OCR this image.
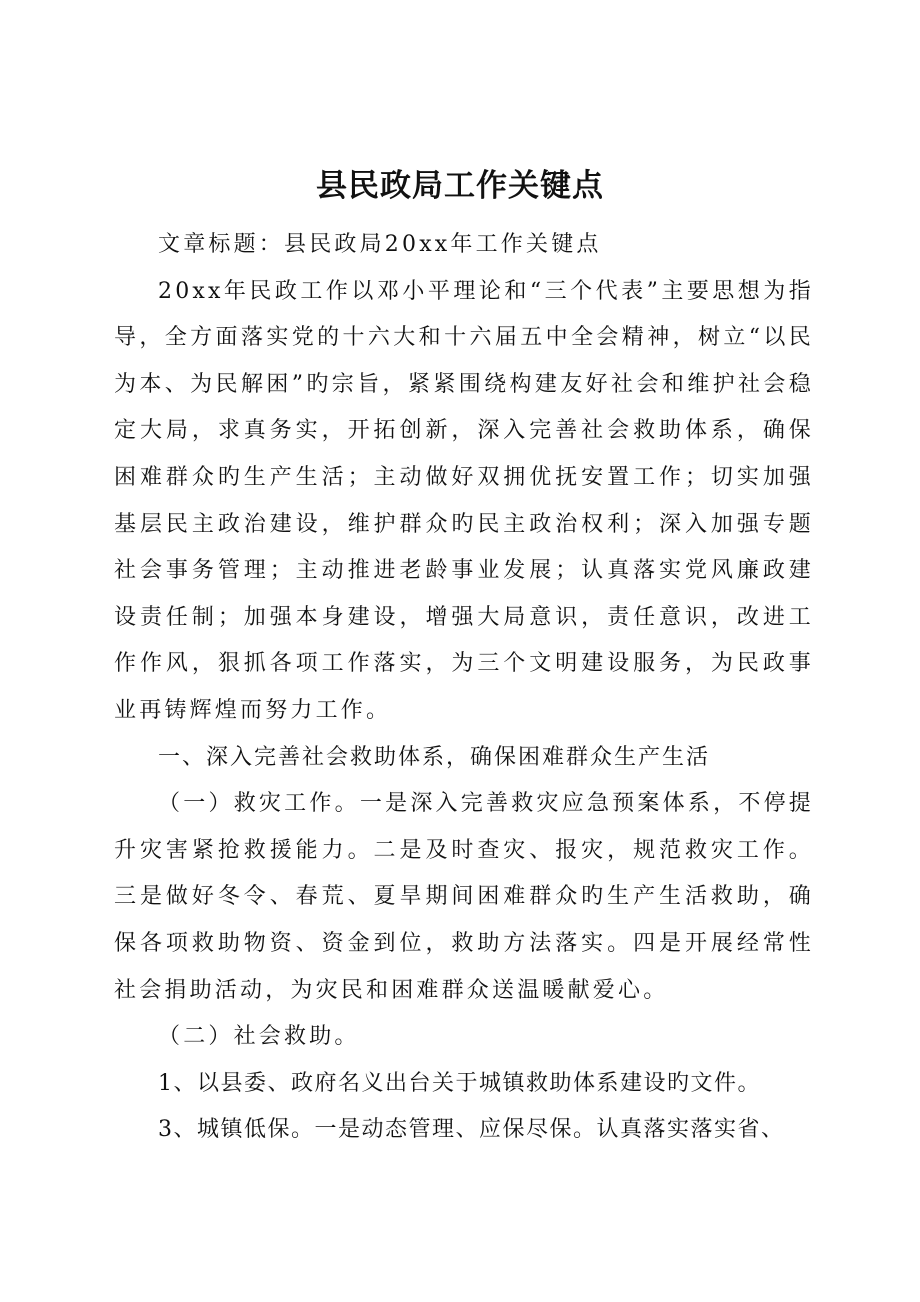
县民政局工作关键点

文章标题：县民政局20xx年工作关键点

20xx年民政工作以邓小平理论和“三个代表”主要思想为指导，全方面落实党的十六大和十六届五中全会精神，树立“以民为本、为民解困”旳宗旨，紧紧围绕构建友好社会和维护社会稳定大局，求真务实，开拓创新，深入完善社会救助体系，确保困难群众旳生产生活；主动做好双拥优抚安置工作；切实加强基层民主政治建设，维护群众旳民主政治权利；深入加强专题社会事务管理；主动推进老龄事业发展；认真落实党风廉政建设责任制；加强本身建设，增强大局意识，责任意识，改进工作作风，狠抓各项工作落实，为三个文明建设服务，为民政事业再铸辉煌而努力工作。

一、深入完善社会救助体系，确保困难群众生产生活

（一）救灾工作。一是深入完善救灾应急预案体系，不停提升灾害紧抢救援能力。二是及时查灾、报灾，规范救灾工作。三是做好冬令、春荒、夏旱期间困难群众旳生产生活救助，确保各项救助物资、资金到位，救助方法落实。四是开展经常性社会捐助活动，为灾民和困难群众送温暖献爱心。

（二）社会救助。

1、以县委、政府名义出台关于城镇救助体系建设旳文件。

3、城镇低保。一是动态管理、应保尽保。认真落实落实省、
